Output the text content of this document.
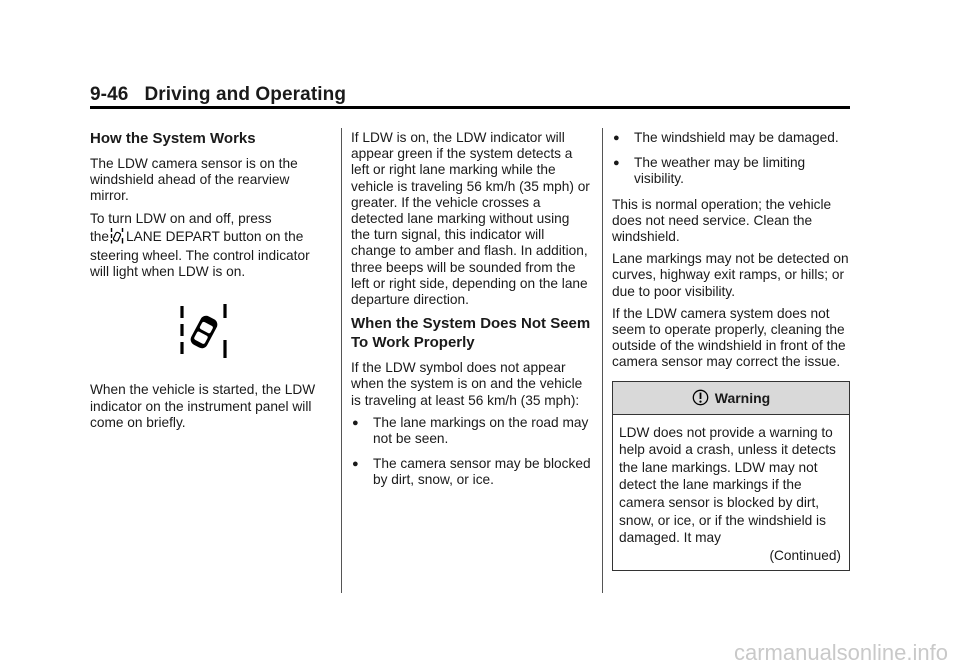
9-46 Driving and Operating
How the System Works

The LDW camera sensor is on the windshield ahead of the rearview mirror.

To turn LDW on and off, press
the LANE DEPART button on the steering wheel. The control indicator will light when LDW is on.

When the vehicle is started, the LDW indicator on the instrument panel will come on briefly.

If LDW is on, the LDW indicator will appear green if the system detects a left or right lane marking while the vehicle is traveling 56 km/h (35 mph) or greater. If the vehicle crosses a detected lane marking without using the turn signal, this indicator will change to amber and flash. In addition, three beeps will be sounded from the left or right side, depending on the lane departure direction.

When the System Does Not Seem To Work Properly

If the LDW symbol does not appear when the system is on and the vehicle is traveling at least 56 km/h (35 mph):

● The lane markings on the road may not be seen.
● The camera sensor may be blocked by dirt, snow, or ice.
● The windshield may be damaged.
● The weather may be limiting visibility.

This is normal operation; the vehicle does not need service. Clean the windshield.

Lane markings may not be detected on curves, highway exit ramps, or hills; or due to poor visibility.

If the LDW camera system does not seem to operate properly, cleaning the outside of the windshield in front of the camera sensor may correct the issue.

Warning
LDW does not provide a warning to help avoid a crash, unless it detects the lane markings. LDW may not detect the lane markings if the camera sensor is blocked by dirt, snow, or ice, or if the windshield is damaged. It may
(Continued)
carmanualsonline.info
